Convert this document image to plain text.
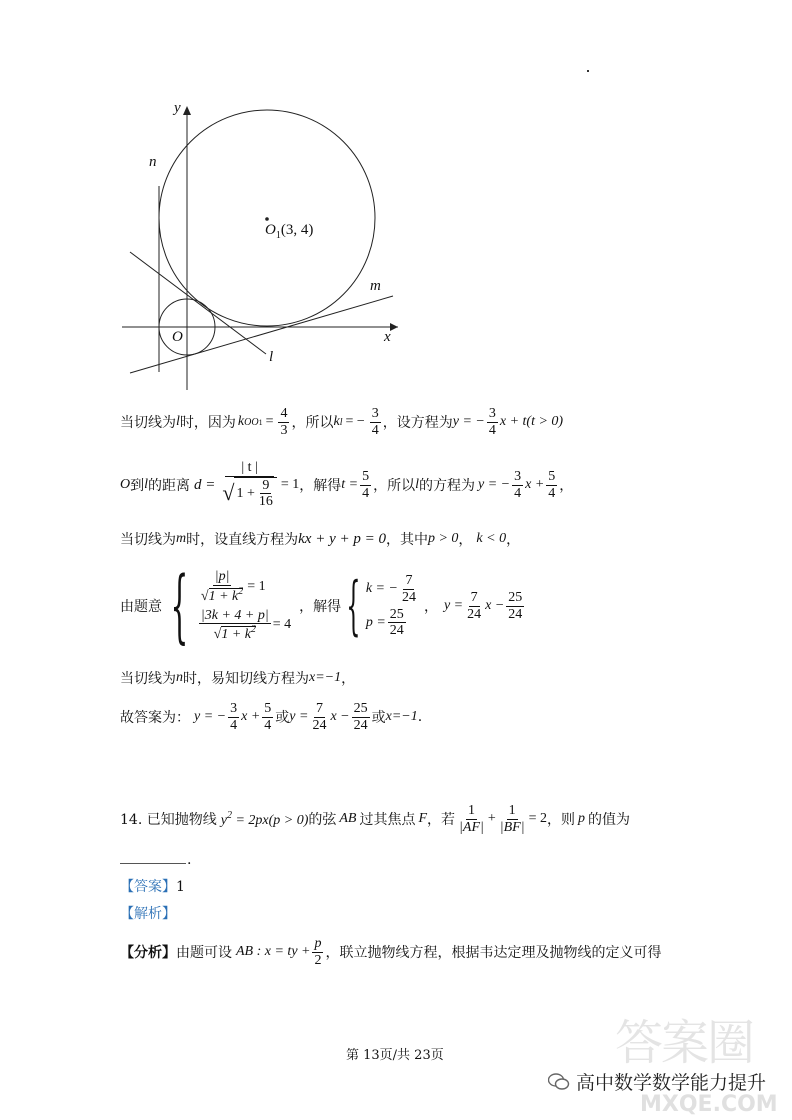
y
x
O
n
m
l
$O_1(3$, 4)
当切线为 l 时，因为 k OO $1 = \frac{4}{3}$ ，所以 k l = − $\frac{3}{4}$ ，设方程为 y = − $\frac{3}{4}$ x + t(t > 0)
O 到 l 的距离 $d = \frac{| t |}{√ 1 + \frac{9}{16}} = 1$ ，解得 $t = \frac{5}{4}$ ，所以 l 的方程为 y = − $\frac{3}{4}$ $x + \frac{5}{4}$ ，
当切线为 m 时，设直线方程为 kx + y + p = 0 ，其中 p > 0 ， k < 0 ，
由题意 { $\frac{|p|}{√1 + k^2} = 1$
$\frac{|3k + 4 + p|}{√1 + k^2} = 4$
，解得 { k = − $\frac{7}{24}$
$p = \frac{25}{24}$ ， $y = \frac{7}{24}$ $x - \frac{25}{24}$
当切线为 n 时，易知切线方程为 x=−1 ，
故答案为： y = − $\frac{3}{4}$ $x + \frac{5}{4}$ 或 $y = \frac{7}{24}$ $x - \frac{25}{24}$ 或 x=−1 .
14. 已知抛物线 $y^2 = 2px(p > 0)$ 的弦 AB 过其焦点 F ，若 $\frac{1}{|AF|} + \frac{1}{|BF|} = 2$ ，则 p 的值为
.
【答案】1
【解析】
【分析】 由题可设 AB : x = ty + $\frac{p}{2}$ ，联立抛物线方程，根据韦达定理及抛物线的定义可得
第 13页/共 23页	答案圈
MXQE.COM
高中数学数学能力提升
